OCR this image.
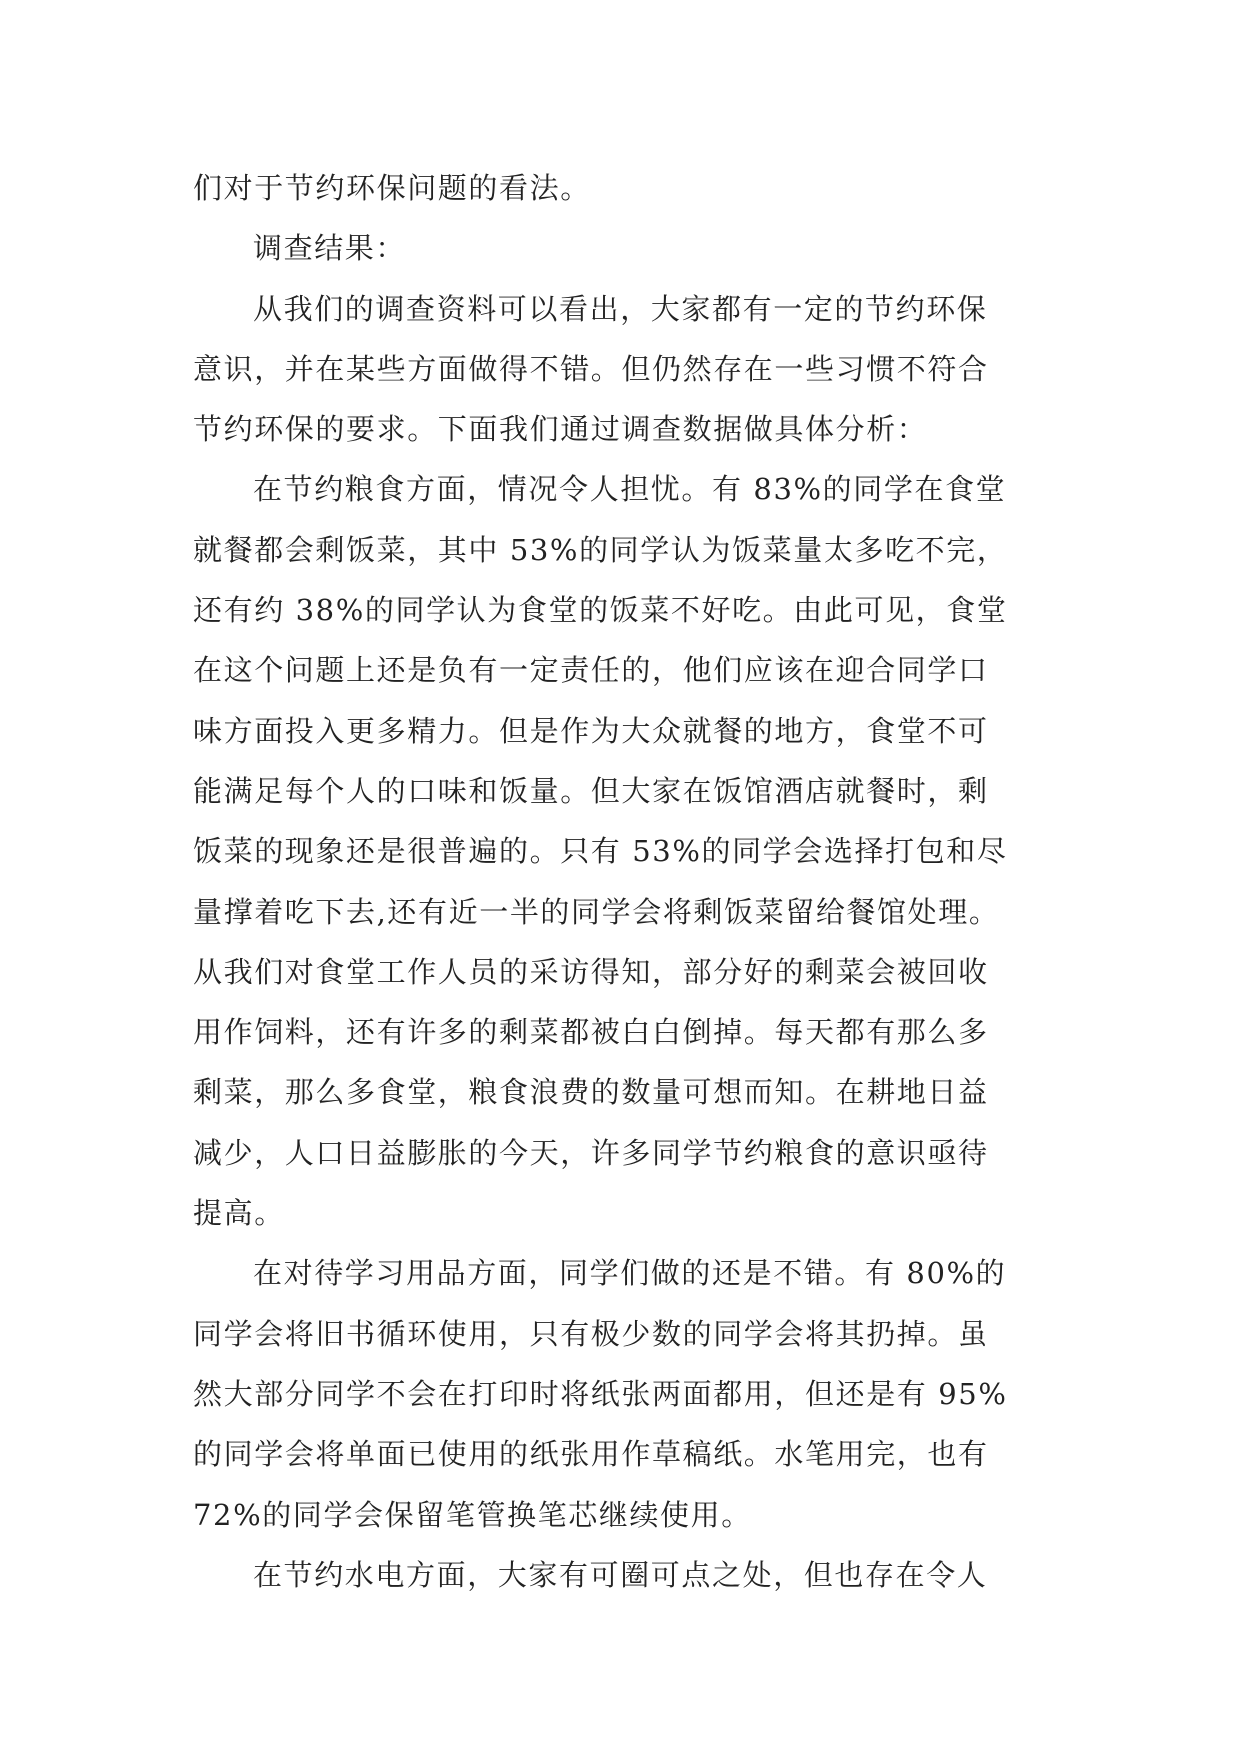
们对于节约环保问题的看法。
调查结果：
从我们的调查资料可以看出，大家都有一定的节约环保
意识，并在某些方面做得不错。但仍然存在一些习惯不符合
节约环保的要求。下面我们通过调查数据做具体分析：
在节约粮食方面，情况令人担忧。有 83%的同学在食堂
就餐都会剩饭菜，其中 53%的同学认为饭菜量太多吃不完，
还有约 38%的同学认为食堂的饭菜不好吃。由此可见，食堂
在这个问题上还是负有一定责任的，他们应该在迎合同学口
味方面投入更多精力。但是作为大众就餐的地方，食堂不可
能满足每个人的口味和饭量。但大家在饭馆酒店就餐时，剩
饭菜的现象还是很普遍的。只有 53%的同学会选择打包和尽
量撑着吃下去,还有近一半的同学会将剩饭菜留给餐馆处理。
从我们对食堂工作人员的采访得知，部分好的剩菜会被回收
用作饲料，还有许多的剩菜都被白白倒掉。每天都有那么多
剩菜，那么多食堂，粮食浪费的数量可想而知。在耕地日益
减少，人口日益膨胀的今天，许多同学节约粮食的意识亟待
提高。
在对待学习用品方面，同学们做的还是不错。有 80%的
同学会将旧书循环使用，只有极少数的同学会将其扔掉。虽
然大部分同学不会在打印时将纸张两面都用，但还是有 95%
的同学会将单面已使用的纸张用作草稿纸。水笔用完，也有
72%的同学会保留笔管换笔芯继续使用。
在节约水电方面，大家有可圈可点之处，但也存在令人
